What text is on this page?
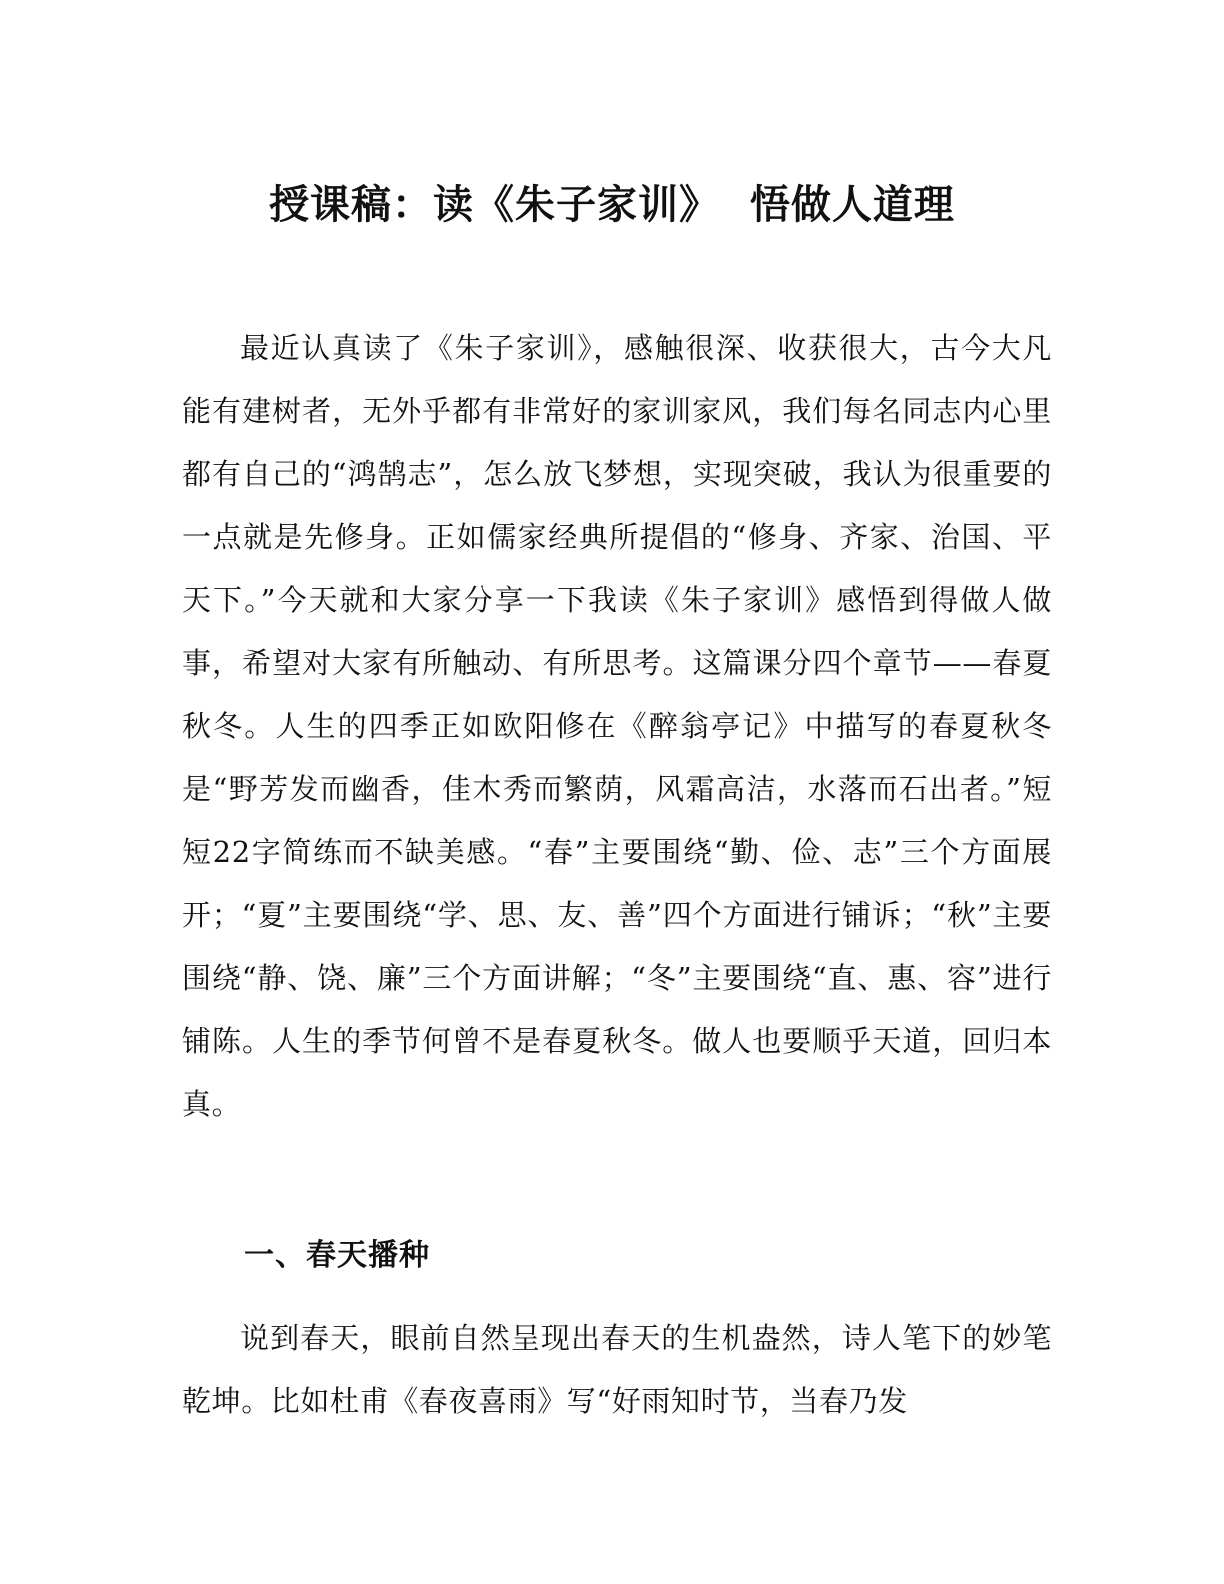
授课稿：读《朱子家训》  悟做人道理

最近认真读了《朱子家训》，感触很深、收获很大，古今大凡能有建树者，无外乎都有非常好的家训家风，我们每名同志内心里都有自己的“鸿鹄志”，怎么放飞梦想，实现突破，我认为很重要的一点就是先修身。正如儒家经典所提倡的“修身、齐家、治国、平天下。”今天就和大家分享一下我读《朱子家训》感悟到得做人做事，希望对大家有所触动、有所思考。这篇课分四个章节——春夏秋冬。人生的四季正如欧阳修在《醉翁亭记》中描写的春夏秋冬是“野芳发而幽香，佳木秀而繁荫，风霜高洁，水落而石出者。”短短22字简练而不缺美感。“春”主要围绕“勤、俭、志”三个方面展开；“夏”主要围绕“学、思、友、善”四个方面进行铺诉；“秋”主要围绕“静、饶、廉”三个方面讲解；“冬”主要围绕“直、惠、容”进行铺陈。人生的季节何曾不是春夏秋冬。做人也要顺乎天道，回归本真。

一、春天播种

说到春天，眼前自然呈现出春天的生机盎然，诗人笔下的妙笔乾坤。比如杜甫《春夜喜雨》写“好雨知时节，当春乃发
